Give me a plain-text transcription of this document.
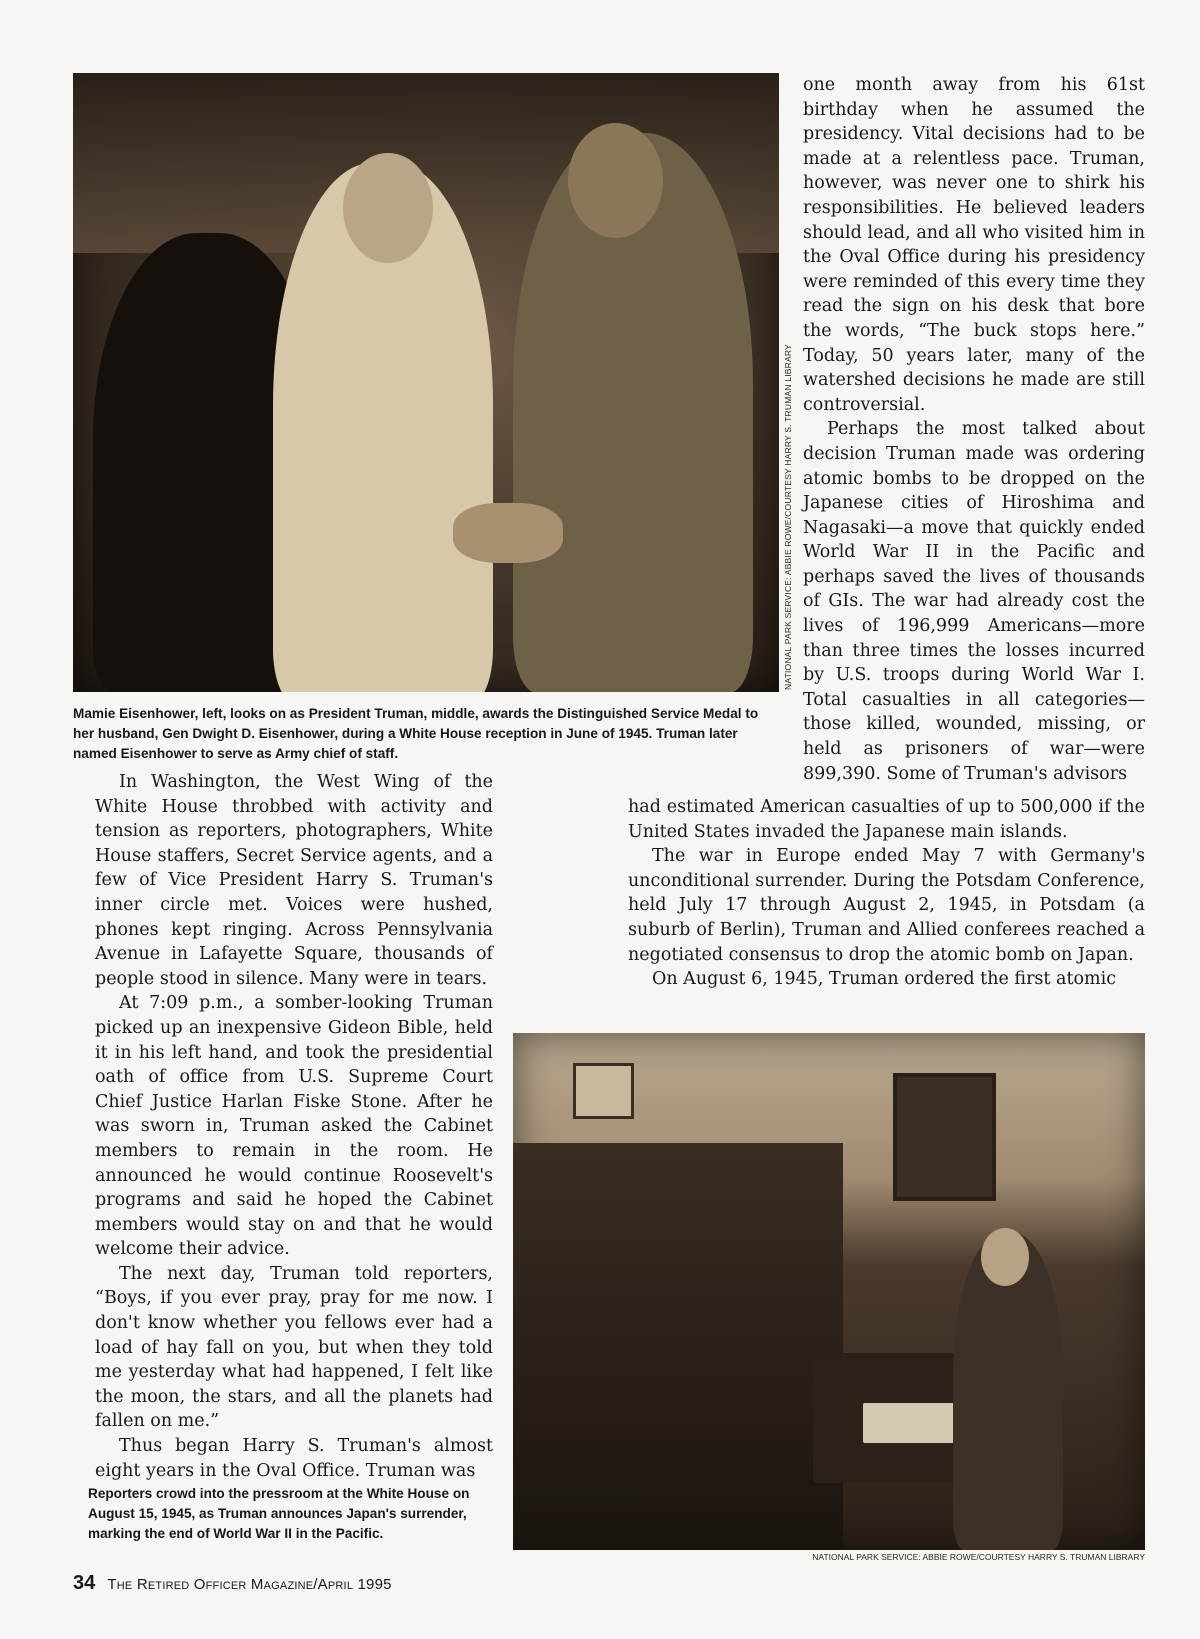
NATIONAL PARK SERVICE: ABBIE ROWE/COURTESY HARRY S. TRUMAN LIBRARY
Mamie Eisenhower, left, looks on as President Truman, middle, awards the Distinguished Service Medal to her husband, Gen Dwight D. Eisenhower, during a White House reception in June of 1945. Truman later named Eisenhower to serve as Army chief of staff.

one month away from his 61st birthday when he assumed the presidency. Vital decisions had to be made at a relentless pace. Truman, however, was never one to shirk his responsibilities. He believed leaders should lead, and all who visited him in the Oval Office during his presidency were reminded of this every time they read the sign on his desk that bore the words, “The buck stops here.” Today, 50 years later, many of the watershed decisions he made are still controversial.

Perhaps the most talked about decision Truman made was ordering atomic bombs to be dropped on the Japanese cities of Hiroshima and Nagasaki—a move that quickly ended World War II in the Pacific and perhaps saved the lives of thousands of GIs. The war had already cost the lives of 196,999 Americans—more than three times the losses incurred by U.S. troops during World War I. Total casualties in all categories—those killed, wounded, missing, or held as prisoners of war—were 899,390. Some of Truman's advisors

In Washington, the West Wing of the White House throbbed with activity and tension as reporters, photographers, White House staffers, Secret Service agents, and a few of Vice President Harry S. Truman's inner circle met. Voices were hushed, phones kept ringing. Across Pennsylvania Avenue in Lafayette Square, thousands of people stood in silence. Many were in tears.

At 7:09 p.m., a somber-looking Truman picked up an inexpensive Gideon Bible, held it in his left hand, and took the presidential oath of office from U.S. Supreme Court Chief Justice Harlan Fiske Stone. After he was sworn in, Truman asked the Cabinet members to remain in the room. He announced he would continue Roosevelt's programs and said he hoped the Cabinet members would stay on and that he would welcome their advice.

The next day, Truman told reporters, “Boys, if you ever pray, pray for me now. I don't know whether you fellows ever had a load of hay fall on you, but when they told me yesterday what had happened, I felt like the moon, the stars, and all the planets had fallen on me.”

Thus began Harry S. Truman's almost eight years in the Oval Office. Truman was

had estimated American casualties of up to 500,000 if the United States invaded the Japanese main islands.

The war in Europe ended May 7 with Germany's unconditional surrender. During the Potsdam Conference, held July 17 through August 2, 1945, in Potsdam (a suburb of Berlin), Truman and Allied conferees reached a negotiated consensus to drop the atomic bomb on Japan.

On August 6, 1945, Truman ordered the first atomic

NATIONAL PARK SERVICE: ABBIE ROWE/COURTESY HARRY S. TRUMAN LIBRARY
Reporters crowd into the pressroom at the White House on August 15, 1945, as Truman announces Japan's surrender, marking the end of World War II in the Pacific.
34 The Retired Officer Magazine/April 1995
